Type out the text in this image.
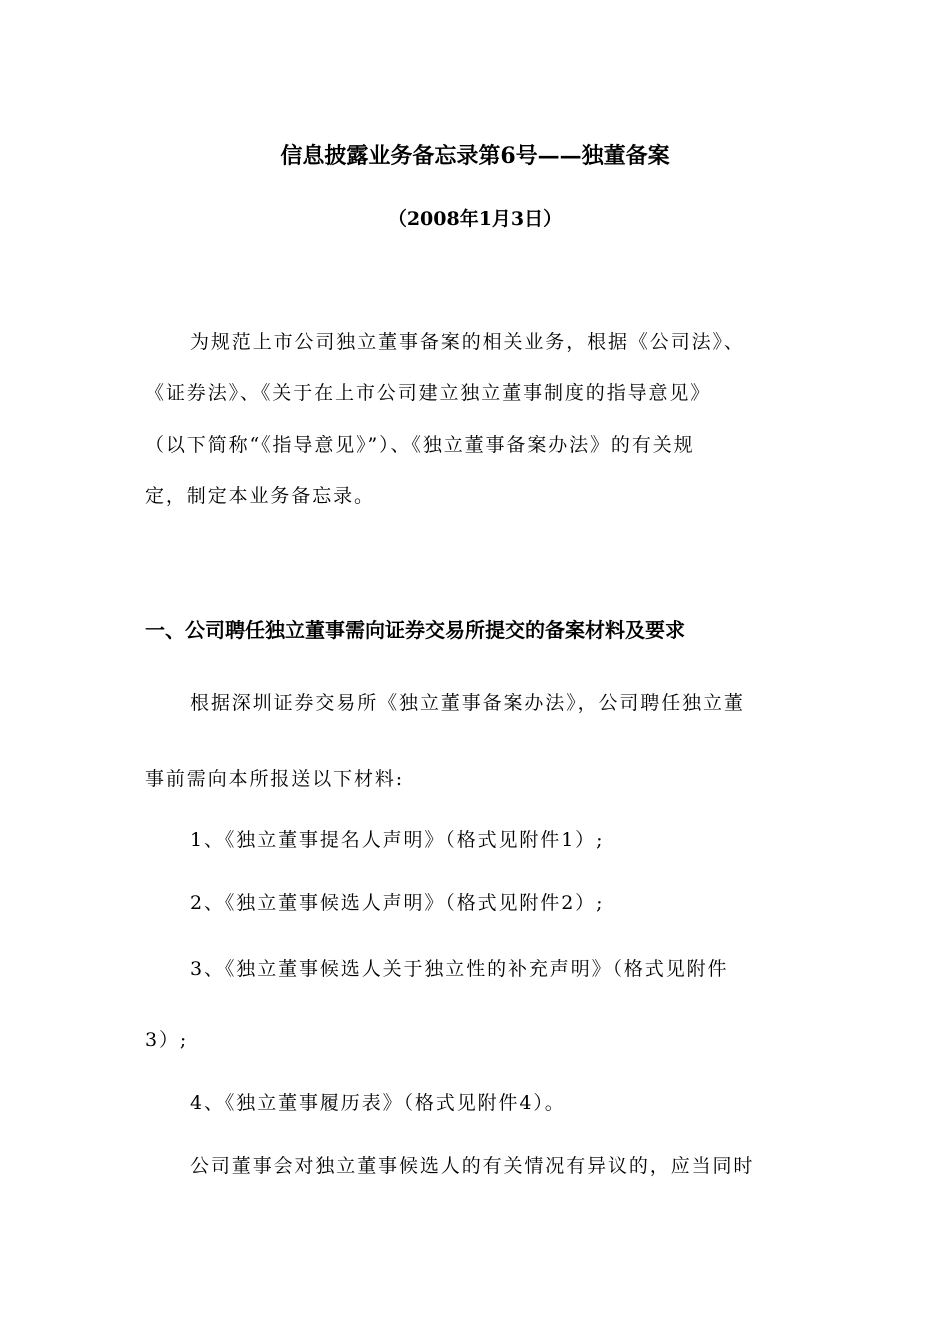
信息披露业务备忘录第6号——独董备案
（2008年1月3日）
为规范上市公司独立董事备案的相关业务，根据《公司法》、
《证券法》、《关于在上市公司建立独立董事制度的指导意见》
（以下简称“《指导意见》”）、《独立董事备案办法》的有关规
定，制定本业务备忘录。
一、公司聘任独立董事需向证券交易所提交的备案材料及要求
根据深圳证券交易所《独立董事备案办法》，公司聘任独立董
事前需向本所报送以下材料:
1、《独立董事提名人声明》（格式见附件1）;
2、《独立董事候选人声明》（格式见附件2）;
3、《独立董事候选人关于独立性的补充声明》（格式见附件
3）;
4、《独立董事履历表》（格式见附件4）。
公司董事会对独立董事候选人的有关情况有异议的，应当同时
